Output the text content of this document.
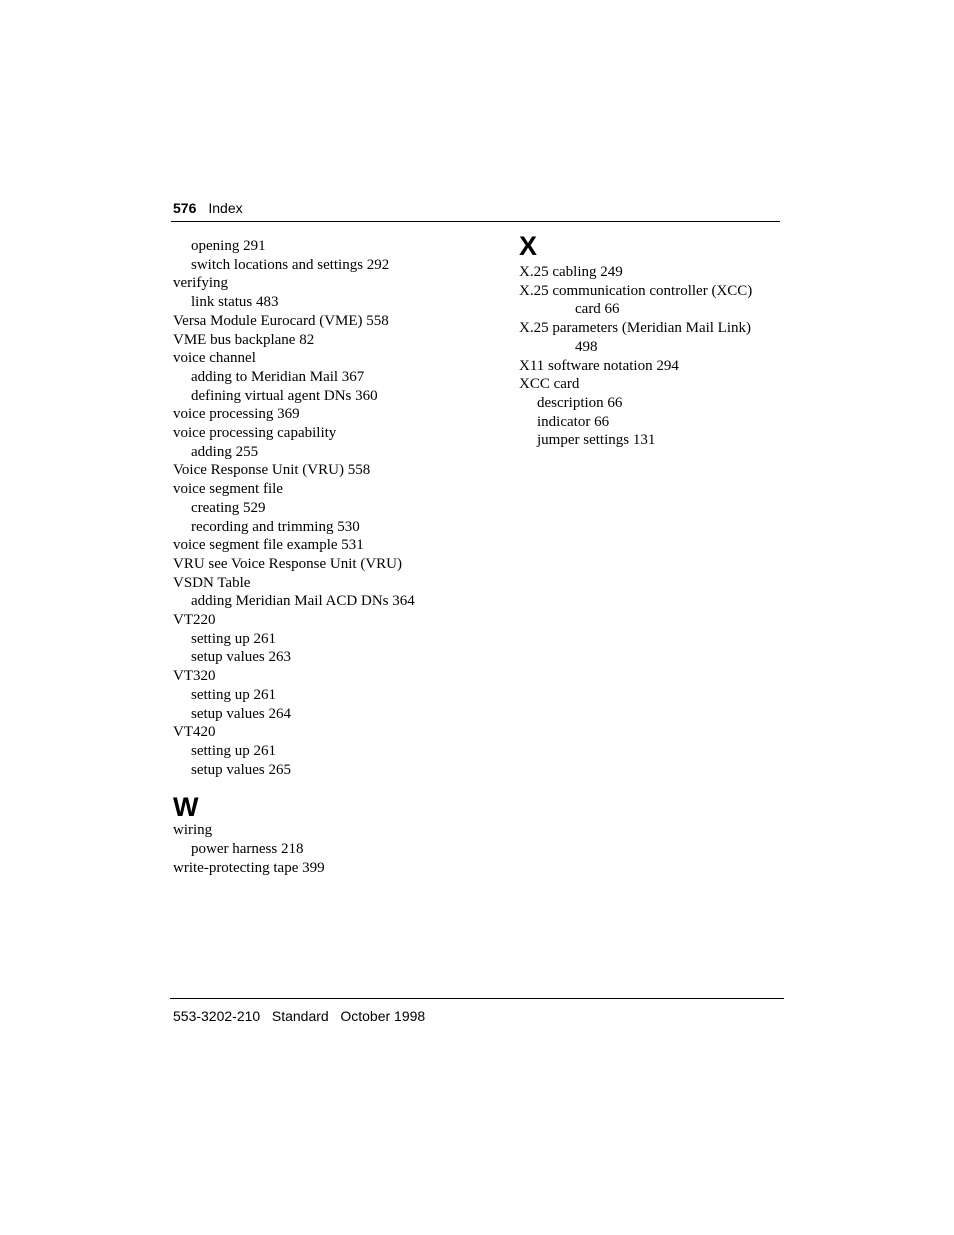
576 Index
opening 291
switch locations and settings 292
verifying
link status 483
Versa Module Eurocard (VME) 558
VME bus backplane 82
voice channel
adding to Meridian Mail 367
defining virtual agent DNs 360
voice processing 369
voice processing capability
adding 255
Voice Response Unit (VRU) 558
voice segment file
creating 529
recording and trimming 530
voice segment file example 531
VRU see Voice Response Unit (VRU)
VSDN Table
adding Meridian Mail ACD DNs 364
VT220
setting up 261
setup values 263
VT320
setting up 261
setup values 264
VT420
setting up 261
setup values 265
W
wiring
power harness 218
write-protecting tape 399
X
X.25 cabling 249
X.25 communication controller (XCC)
card 66
X.25 parameters (Meridian Mail Link)
498
X11 software notation 294
XCC card
description 66
indicator 66
jumper settings 131
553-3202-210   Standard   October 1998
